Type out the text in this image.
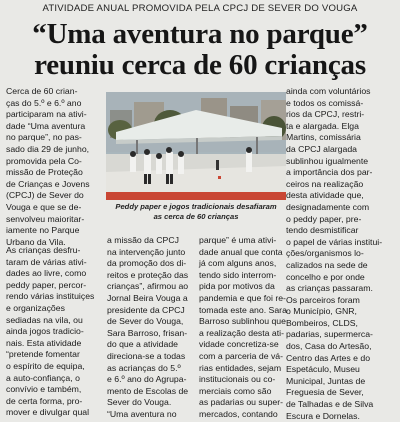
ATIVIDADE ANUAL PROMOVIDA PELA CPCJ DE SEVER DO VOUGA
“Uma aventura no parque”
reuniu cerca de 60 crianças
Cerca de 60 crian-
ças do 5.º e 6.º ano
participaram na ativi-
dade “Uma aventura
no parque”, no pas-
sado dia 29 de junho,
promovida pela Co-
missão de Proteção
de Crianças e Jovens
(CPCJ) de Sever do
Vouga e que se de-
senvolveu maioritar-
iamente no Parque
Urbano da Vila.
As crianças desfru-
taram de várias ativi-
dades ao livre, como
peddy paper, percor-
rendo várias instituiçes
e organizações
sediadas na vila, ou
ainda jogos tradicio-
nais. Esta atividade
“pretende fomentar
o espírito de equipa,
a auto-confiança, o
convívio e também,
de certa forma, pro-
mover e divulgar qual
Peddy paper e jogos tradicionais desafiaram
as cerca de 60 crianças
a missão da CPCJ
na intervenção junto
da promoção dos di-
reitos e proteção das
crianças”, afirmou ao
Jornal Beira Vouga a
presidente da CPCJ
de Sever do Vouga,
Sara Barroso, frisan-
do que a atividade
direciona-se a todas
as acrianças do 5.º
e 6.º ano do Agrupa-
mento de Escolas de
Sever do Vouga.
“Uma aventura no
parque” é uma ativi-
dade anual que conta
já com alguns anos,
tendo sido interrom-
pida por motivos da
pandemia e que foi re-
tomada este ano. Sara
Barroso sublinhou que
a realização desta ati-
vidade concretiza-se
com a parceria de vá-
rias entidades, sejam
institucionais ou co-
merciais como são
as padarias ou super-
mercados, contando
ainda com voluntários
e todos os comissá-
rios da CPCJ, restri-
ta e alargada. Elga
Martins, comissária
da CPCJ alargada
sublinhou igualmente
a importância dos par-
ceiros na realização
desta atividade que,
designadamente com
o peddy paper, pre-
tendo desmistificar
o papel de várias institui-
ções/organismos lo-
calizados na sede de
concelho e por onde
as crianças passaram.
Os parceiros foram
o Município, GNR,
Bombeiros, CLDS,
padarias, supermerca-
dos, Casa do Artesão,
Centro das Artes e do
Espetáculo, Museu
Municipal, Juntas de
Freguesia de Sever,
de Talhadas e de Silva
Escura e Dornelas.
